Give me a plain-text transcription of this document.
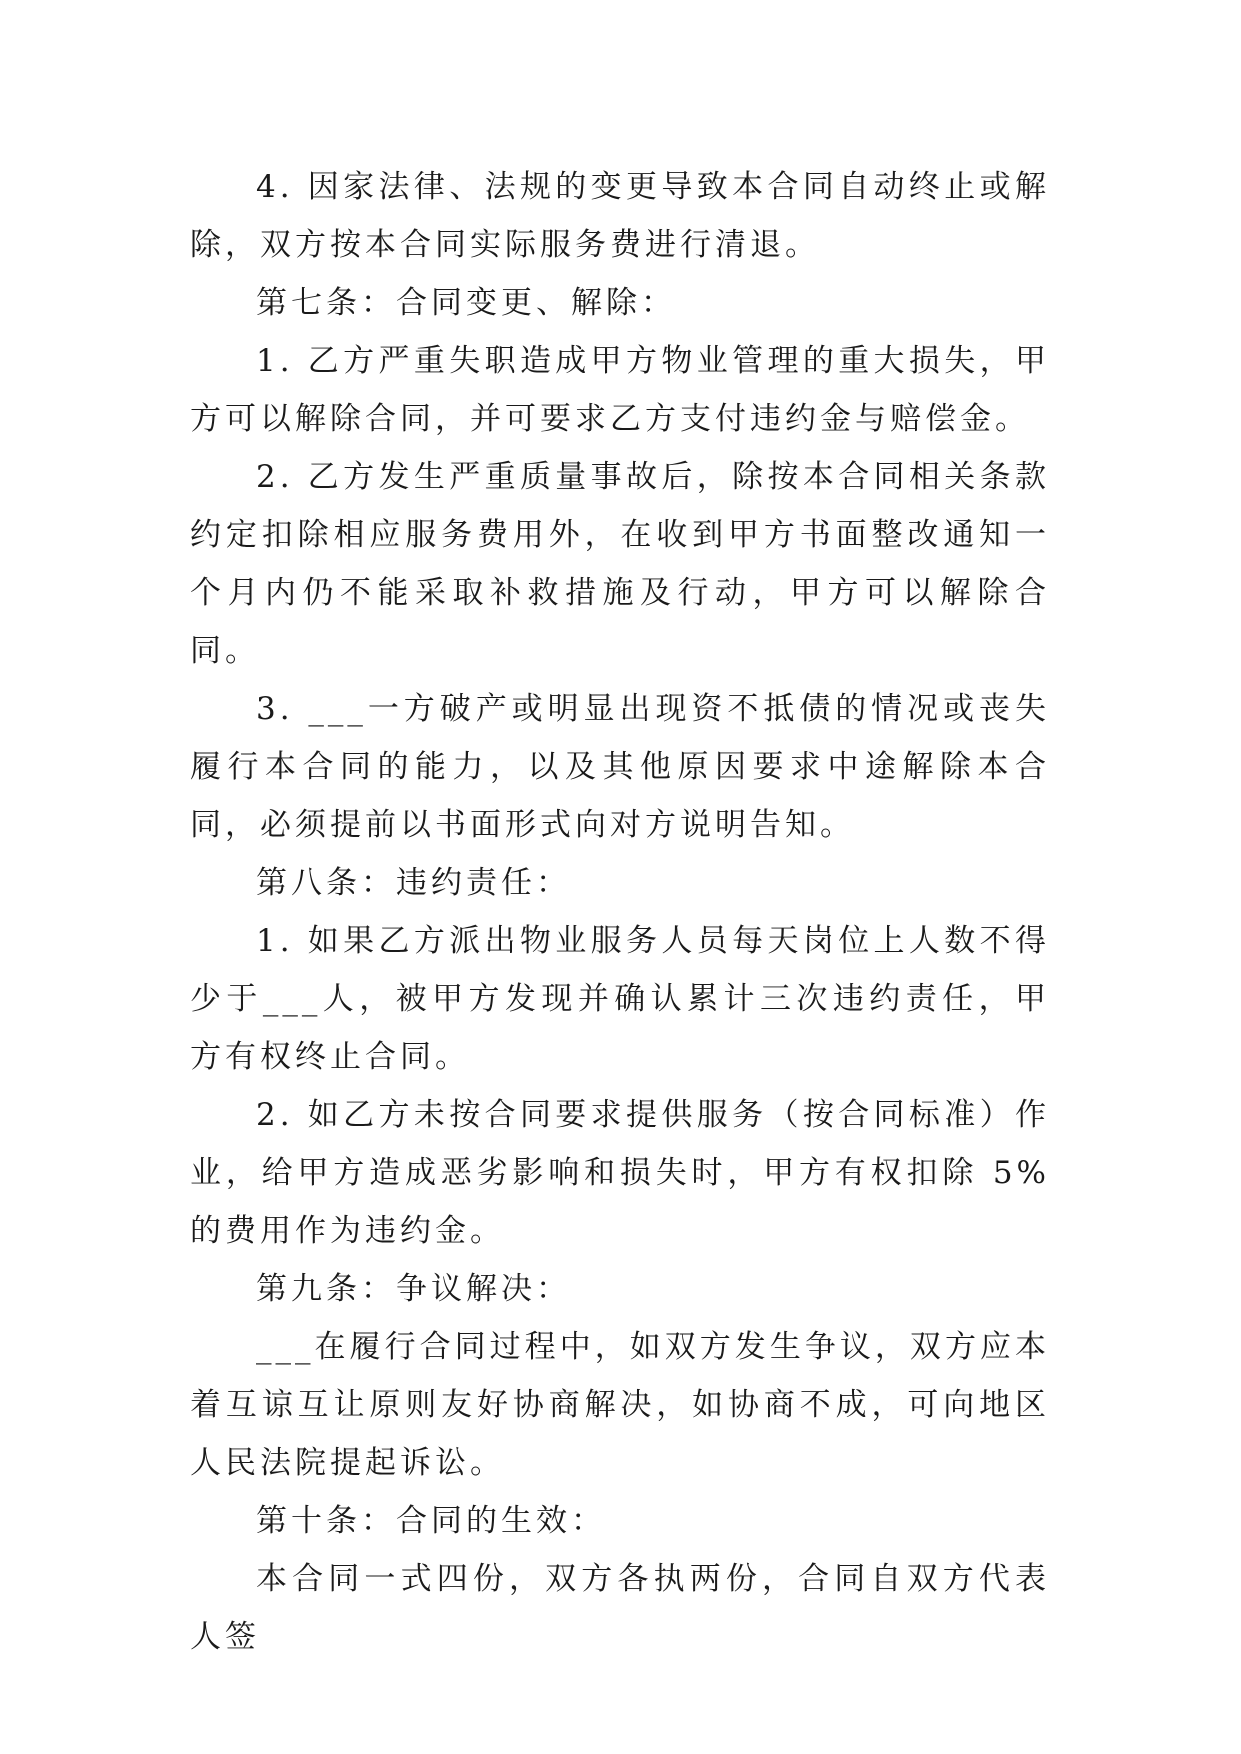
4. 因家法律、法规的变更导致本合同自动终止或解除，双方按本合同实际服务费进行清退。

第七条：合同变更、解除：

1. 乙方严重失职造成甲方物业管理的重大损失，甲方可以解除合同，并可要求乙方支付违约金与赔偿金。

2. 乙方发生严重质量事故后，除按本合同相关条款约定扣除相应服务费用外，在收到甲方书面整改通知一个月内仍不能采取补救措施及行动，甲方可以解除合同。

3. ___一方破产或明显出现资不抵债的情况或丧失履行本合同的能力，以及其他原因要求中途解除本合同，必须提前以书面形式向对方说明告知。

第八条：违约责任：

1. 如果乙方派出物业服务人员每天岗位上人数不得少于___人，被甲方发现并确认累计三次违约责任，甲方有权终止合同。

2. 如乙方未按合同要求提供服务（按合同标准）作业，给甲方造成恶劣影响和损失时，甲方有权扣除 5%的费用作为违约金。

第九条：争议解决：

___在履行合同过程中，如双方发生争议，双方应本着互谅互让原则友好协商解决，如协商不成，可向地区人民法院提起诉讼。

第十条：合同的生效：

本合同一式四份，双方各执两份，合同自双方代表人签
